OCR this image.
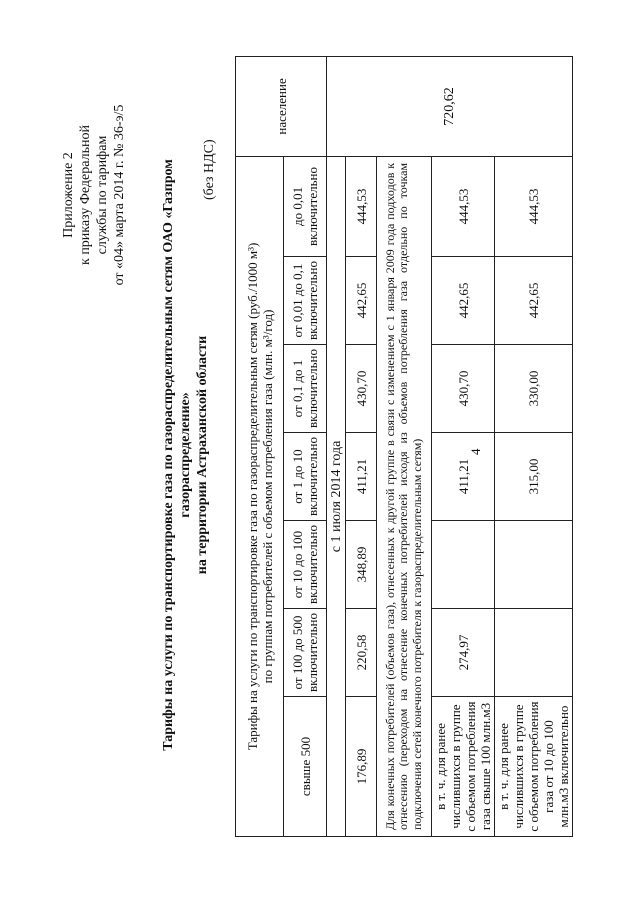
Приложение 2 к приказу Федеральной службы по тарифам от «04» марта 2014 г. № 36-э/5 Тарифы на услуги по транспортировке газа по газораспределительным сетям ОАО «Газпром газораспределение» на территории Астраханской области
(без НДС)
Тарифы на услуги по транспортировке газа по газораспределительным сетям (руб./1000 м³) по группам потребителей с объемом потребления газа (млн. м³/год)							население
свыше 500	от 100 до 500 включительно	от 10 до 100 включительно	от 1 до 10 включительно	от 0,1 до 1 включительно	от 0,01 до 0,1 включительно	до 0,01 включительно	
с 1 июля 2014 года							720,62
176,89	220,58	348,89	411,21	430,70	442,65	444,53	
Для конечных потребителей (объемов газа), отнесенных к другой группе в связи с изменением с 1 января 2009 года подходов к отнесению (переходом на отнесение конечных потребителей исходя из объемов потребления газа отдельно по точкам подключения сетей конечного потребителя к газораспределительным сетям)							
в т. ч. для ранее числившихся в группе с объемом потребления газа свыше 100 млн.м3	274,97		411,21	430,70	442,65	444,53	
в т. ч. для ранее числившихся в группе с объемом потребления газа от 10 до 100 млн.м3 включительно			315,00	330,00	442,65	444,53	
4
